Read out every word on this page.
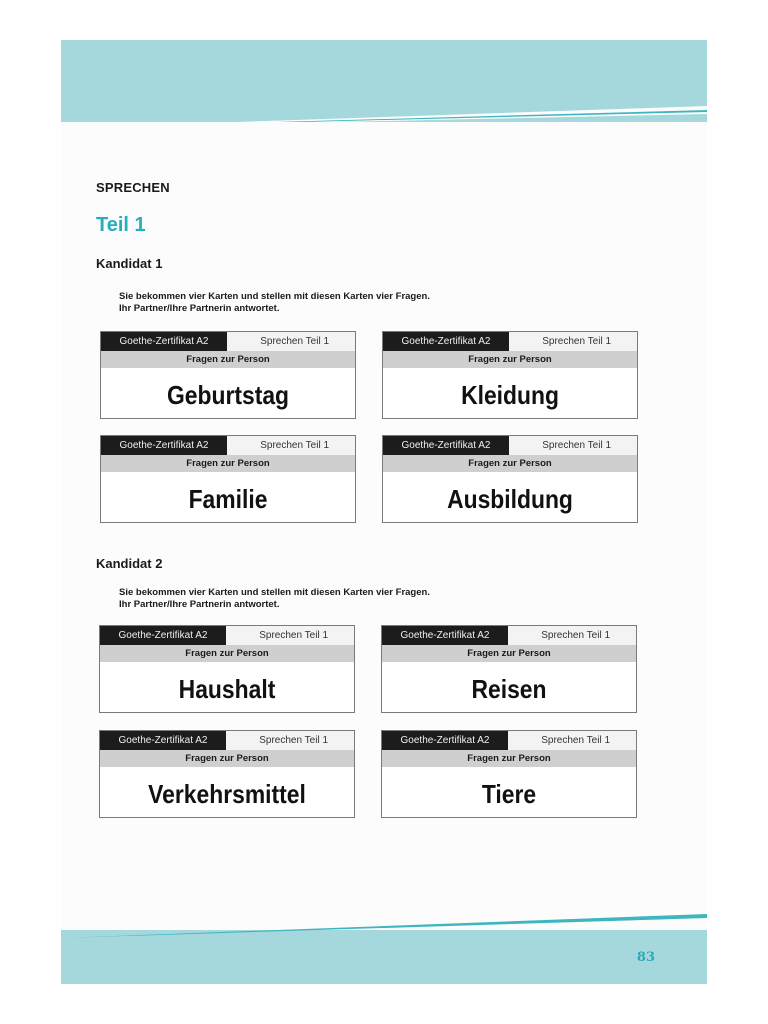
SPRECHEN
Teil 1
Kandidat 1
Sie bekommen vier Karten und stellen mit diesen Karten vier Fragen.
Ihr Partner/Ihre Partnerin antwortet.
Goethe-Zertifikat A2	Sprechen Teil 1
Fragen zur Person
Geburtstag
Goethe-Zertifikat A2	Sprechen Teil 1
Fragen zur Person
Kleidung
Goethe-Zertifikat A2	Sprechen Teil 1
Fragen zur Person
Familie
Goethe-Zertifikat A2	Sprechen Teil 1
Fragen zur Person
Ausbildung
Kandidat 2
Sie bekommen vier Karten und stellen mit diesen Karten vier Fragen.
Ihr Partner/Ihre Partnerin antwortet.
Goethe-Zertifikat A2	Sprechen Teil 1
Fragen zur Person
Haushalt
Goethe-Zertifikat A2	Sprechen Teil 1
Fragen zur Person
Reisen
Goethe-Zertifikat A2	Sprechen Teil 1
Fragen zur Person
Verkehrsmittel
Goethe-Zertifikat A2	Sprechen Teil 1
Fragen zur Person
Tiere
83
